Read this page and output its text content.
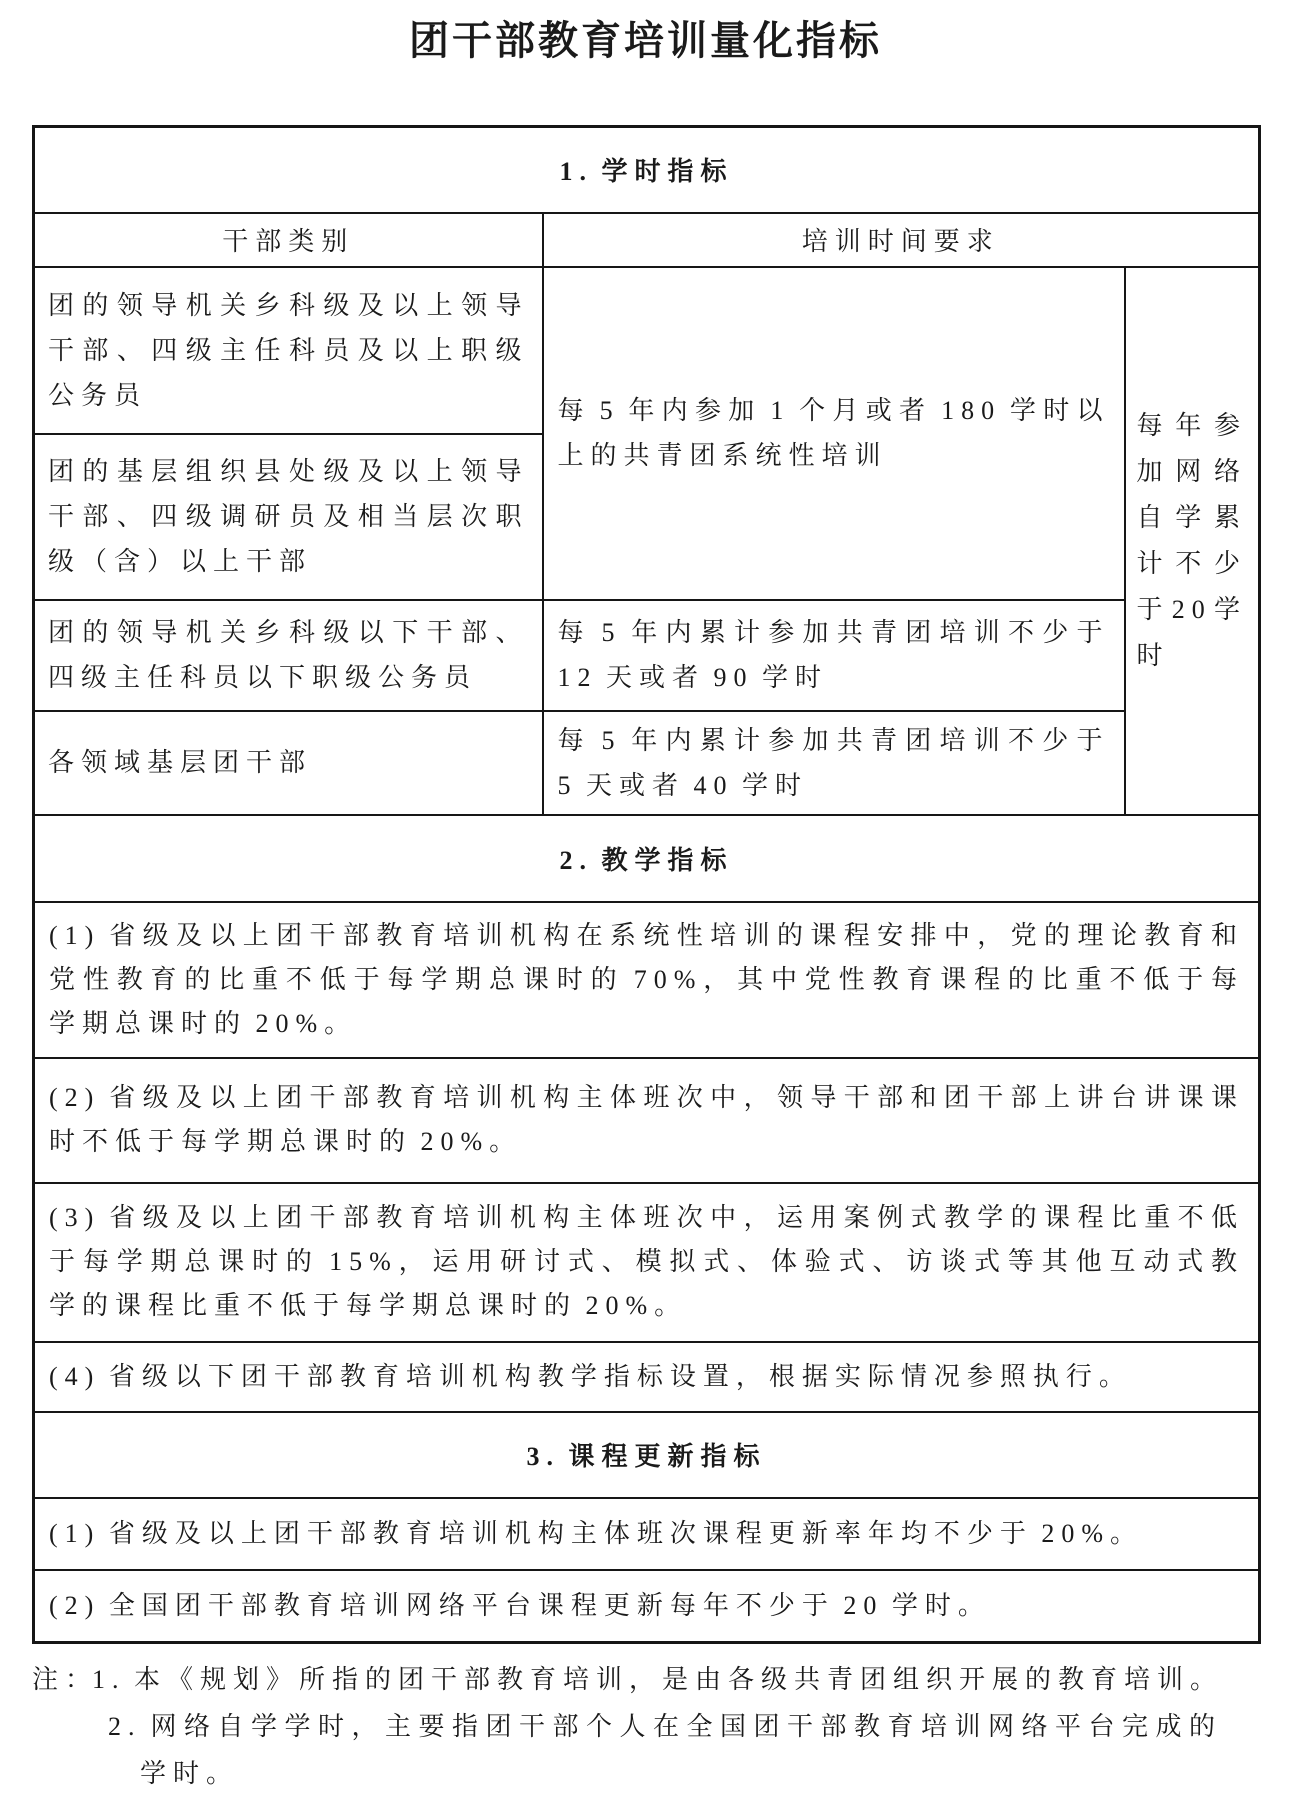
团干部教育培训量化指标
1. 学时指标		
干部类别	培训时间要求	
团的领导机关乡科级及以上领导干部、四级主任科员及以上职级公务员	每 5 年内参加 1 个月或者 180 学时以上的共青团系统性培训	每年参加网络自学累计不少于20学时
团的基层组织县处级及以上领导干部、四级调研员及相当层次职级（含）以上干部		
团的领导机关乡科级以下干部、四级主任科员以下职级公务员	每 5 年内累计参加共青团培训不少于 12 天或者 90 学时	
各领域基层团干部	每 5 年内累计参加共青团培训不少于 5 天或者 40 学时	
2. 教学指标		
(1) 省级及以上团干部教育培训机构在系统性培训的课程安排中，党的理论教育和党性教育的比重不低于每学期总课时的 70%，其中党性教育课程的比重不低于每学期总课时的 20%。		
(2) 省级及以上团干部教育培训机构主体班次中，领导干部和团干部上讲台讲课课时不低于每学期总课时的 20%。		
(3) 省级及以上团干部教育培训机构主体班次中，运用案例式教学的课程比重不低于每学期总课时的 15%，运用研讨式、模拟式、体验式、访谈式等其他互动式教学的课程比重不低于每学期总课时的 20%。		
(4) 省级以下团干部教育培训机构教学指标设置，根据实际情况参照执行。		
3. 课程更新指标		
(1) 省级及以上团干部教育培训机构主体班次课程更新率年均不少于 20%。		
(2) 全国团干部教育培训网络平台课程更新每年不少于 20 学时。		
注：
1. 本《规划》所指的团干部教育培训，是由各级共青团组织开展的教育培训。
2. 网络自学学时，主要指团干部个人在全国团干部教育培训网络平台完成的学时。
